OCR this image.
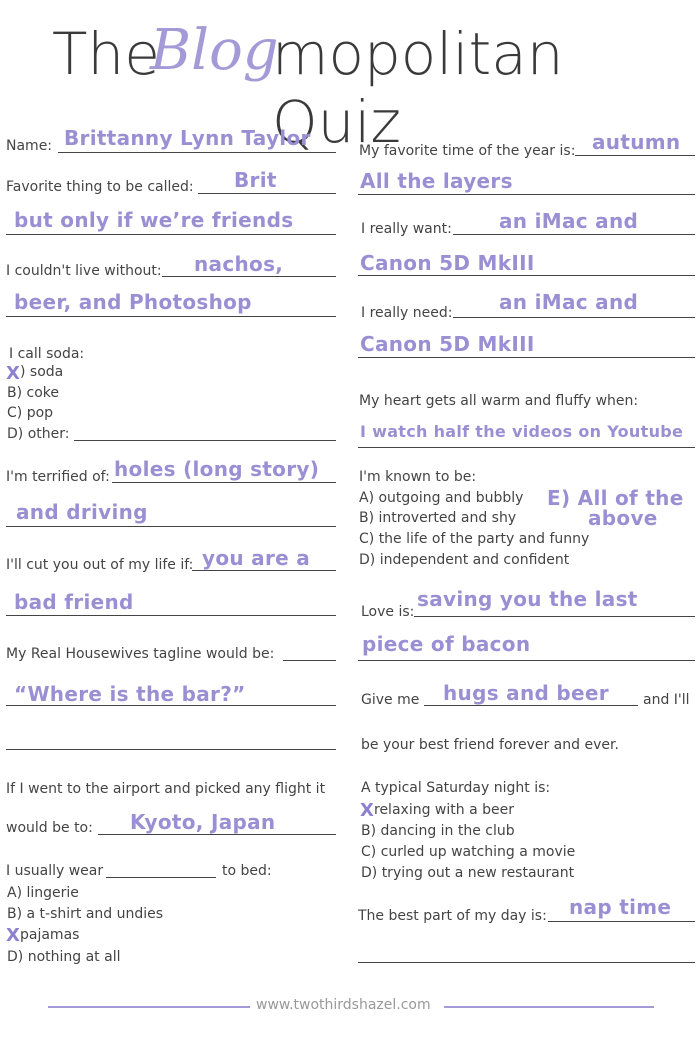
The
Blog
mopolitan Quiz
Name: Brittanny Lynn Taylor
Favorite thing to be called: Brit
but only if we’re friends
I couldn't live without: nachos,
beer, and Photoshop
I call soda:
X ) soda
B) coke
C) pop
D) other:
I'm terrified of: holes (long story)
and driving
I'll cut you out of my life if: you are a
bad friend
My Real Housewives tagline would be:
“Where is the bar?”
If I went to the airport and picked any flight it
would be to: Kyoto, Japan
I usually wear	to bed:
A) lingerie
B) a t-shirt and undies
X pajamas
D) nothing at all
My favorite time of the year is: autumn
All the layers
I really want: an iMac and
Canon 5D MkIII
I really need: an iMac and
Canon 5D MkIII
My heart gets all warm and fluffy when:
I watch half the videos on Youtube
I'm known to be:
A) outgoing and bubbly
B) introverted and shy
C) the life of the party and funny
D) independent and confident
E) All of the
above
Love is:
saving you the last
piece of bacon
Give me hugs and beer and I'll
be your best friend forever and ever.
A typical Saturday night is:
X relaxing with a beer
B) dancing in the club
C) curled up watching a movie
D) trying out a new restaurant
The best part of my day is: nap time
www.twothirdshazel.com
